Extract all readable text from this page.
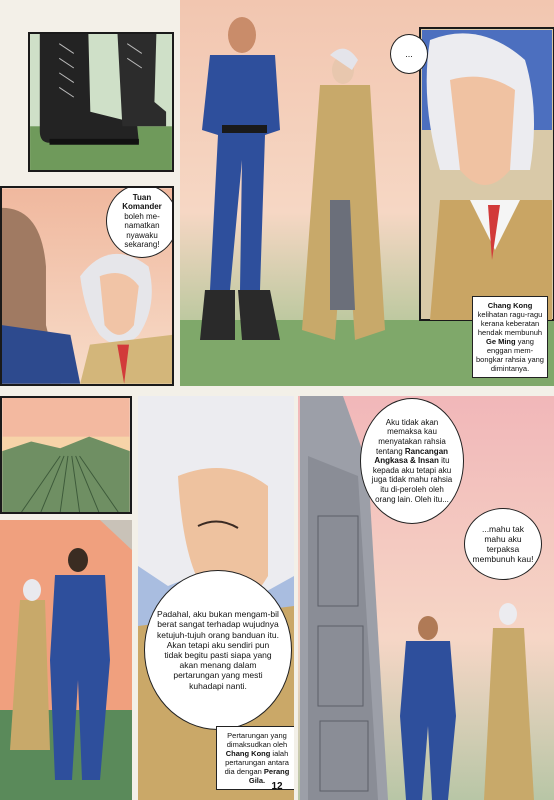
Tuan Komander boleh me-namatkan nyawaku sekarang!
...
Chang Kong kelihatan ragu-ragu kerana keberatan hendak membunuh Ge Ming yang enggan mem-bongkar rahsia yang dimintanya.
Padahal, aku bukan mengam-bil berat sangat terhadap wujudnya ketujuh-tujuh orang banduan itu. Akan tetapi aku sendiri pun tidak begitu pasti siapa yang akan menang dalam pertarungan yang mesti kuhadapi nanti.
Pertarungan yang dimaksudkan oleh Chang Kong ialah pertarungan antara dia dengan Perang Gila.
Aku tidak akan memaksa kau menyatakan rahsia tentang Rancangan Angkasa & Insan itu kepada aku tetapi aku juga tidak mahu rahsia itu di-peroleh oleh orang lain. Oleh itu...
...mahu tak mahu aku terpaksa membunuh kau!
12
